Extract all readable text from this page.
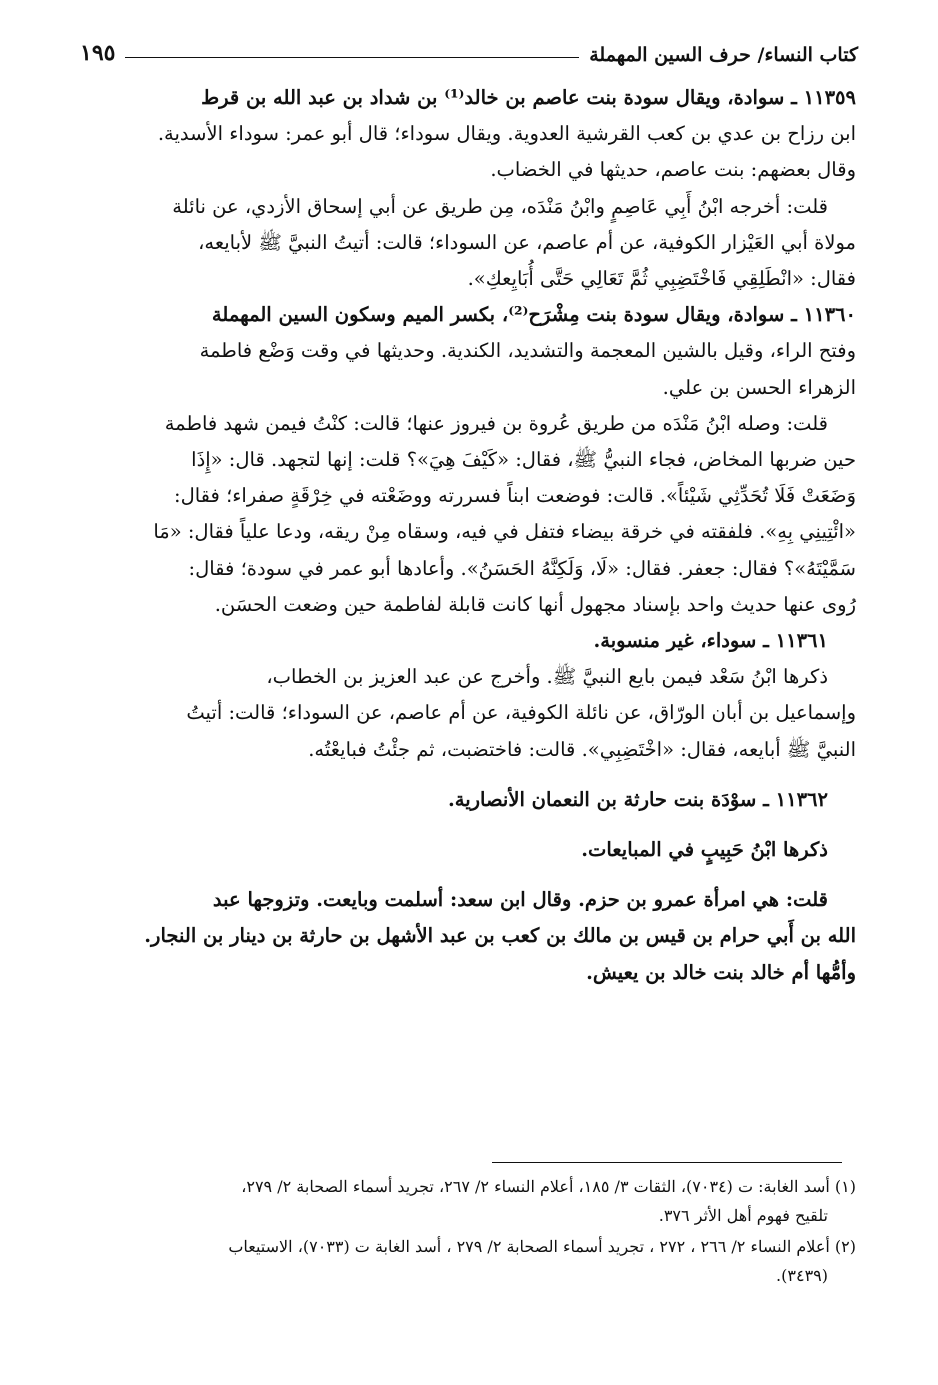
كتاب النساء/ حرف السين المهملة
١٩٥

١١٣٥٩ ـ سوادة، ويقال سودة بنت عاصم بن خالد⁽¹⁾ بن شداد بن عبد الله بن قرط

ابن رزاح بن عدي بن كعب القرشية العدوية. ويقال سوداء؛ قال أبو عمر: سوداء الأسدية.

وقال بعضهم: بنت عاصم، حديثها في الخضاب.

قلت: أخرجه ابْنُ أَبِي عَاصِمٍ وابْنُ مَنْدَه، مِن طريق عن أبي إسحاق الأزدي، عن نائلة

مولاة أبي العَيْزار الكوفية، عن أم عاصم، عن السوداء؛ قالت: أتيتُ النبيَّ ﷺ لأبايعه،

فقال: «انْطَلِقِي فَاخْتَضِبِي ثُمَّ تَعَالِي حَتَّى أُبَايِعكِ».

١١٣٦٠ ـ سوادة، ويقال سودة بنت مِشْرَح⁽²⁾، بكسر الميم وسكون السين المهملة

وفتح الراء، وقيل بالشين المعجمة والتشديد، الكندية. وحديثها في وقت وَضْع فاطمة

الزهراء الحسن بن علي.

قلت: وصله ابْنُ مَنْدَه من طريق عُروة بن فيروز عنها؛ قالت: كنْتُ فيمن شهد فاطمة

حين ضربها المخاض، فجاء النبيُّ ﷺ، فقال: «كَيْفَ هِيَ»؟ قلت: إنها لتجهد. قال: «إِذَا

وَضَعَتْ فَلَا تُحَدِّثِي شَيْئاً». قالت: فوضعت ابناً فسررته ووضَعْته في خِرْقَةٍ صفراء؛ فقال:

«ائْتِينِي بِهِ». فلفقته في خرقة بيضاء فتفل في فيه، وسقاه مِنْ ريقه، ودعا علياً فقال: «مَا

سَمَّيْتَهُ»؟ فقال: جعفر. فقال: «لَا، وَلَكِنَّهُ الحَسَنُ». وأعادها أبو عمر في سودة؛ فقال:

رُوى عنها حديث واحد بإسناد مجهول أنها كانت قابلة لفاطمة حين وضعت الحسَن.

١١٣٦١ ـ سوداء، غير منسوبة.

ذكرها ابْنُ سَعْد فيمن بايع النبيَّ ﷺ. وأخرج عن عبد العزيز بن الخطاب،

وإسماعيل بن أبان الورّاق، عن نائلة الكوفية، عن أم عاصم، عن السوداء؛ قالت: أتيتُ

النبيَّ ﷺ أبايعه، فقال: «اخْتَضِبِي». قالت: فاختضبت، ثم جئْتُ فبايعْتُه.

١١٣٦٢ ـ سوْدَة بنت حارثة بن النعمان الأنصارية.

ذكرها ابْنُ حَبِيبٍ في المبايعات.

قلت: هي امرأة عمرو بن حزم. وقال ابن سعد: أسلمت وبايعت. وتزوجها عبد

الله بن أَبي حرام بن قيس بن مالك بن كعب بن عبد الأشهل بن حارثة بن دينار بن النجار.

وأمُّها أم خالد بنت خالد بن يعيش.

(١) أسد الغابة: ت (٧٠٣٤)، الثقات ٣/ ١٨٥، أعلام النساء ٢/ ٢٦٧، تجريد أسماء الصحابة ٢/ ٢٧٩،

تلقيح فهوم أهل الأثر ٣٧٦.

(٢) أعلام النساء ٢/ ٢٦٦ ، ٢٧٢ ، تجريد أسماء الصحابة ٢/ ٢٧٩ ، أسد الغابة ت (٧٠٣٣)، الاستيعاب

(٣٤٣٩).
